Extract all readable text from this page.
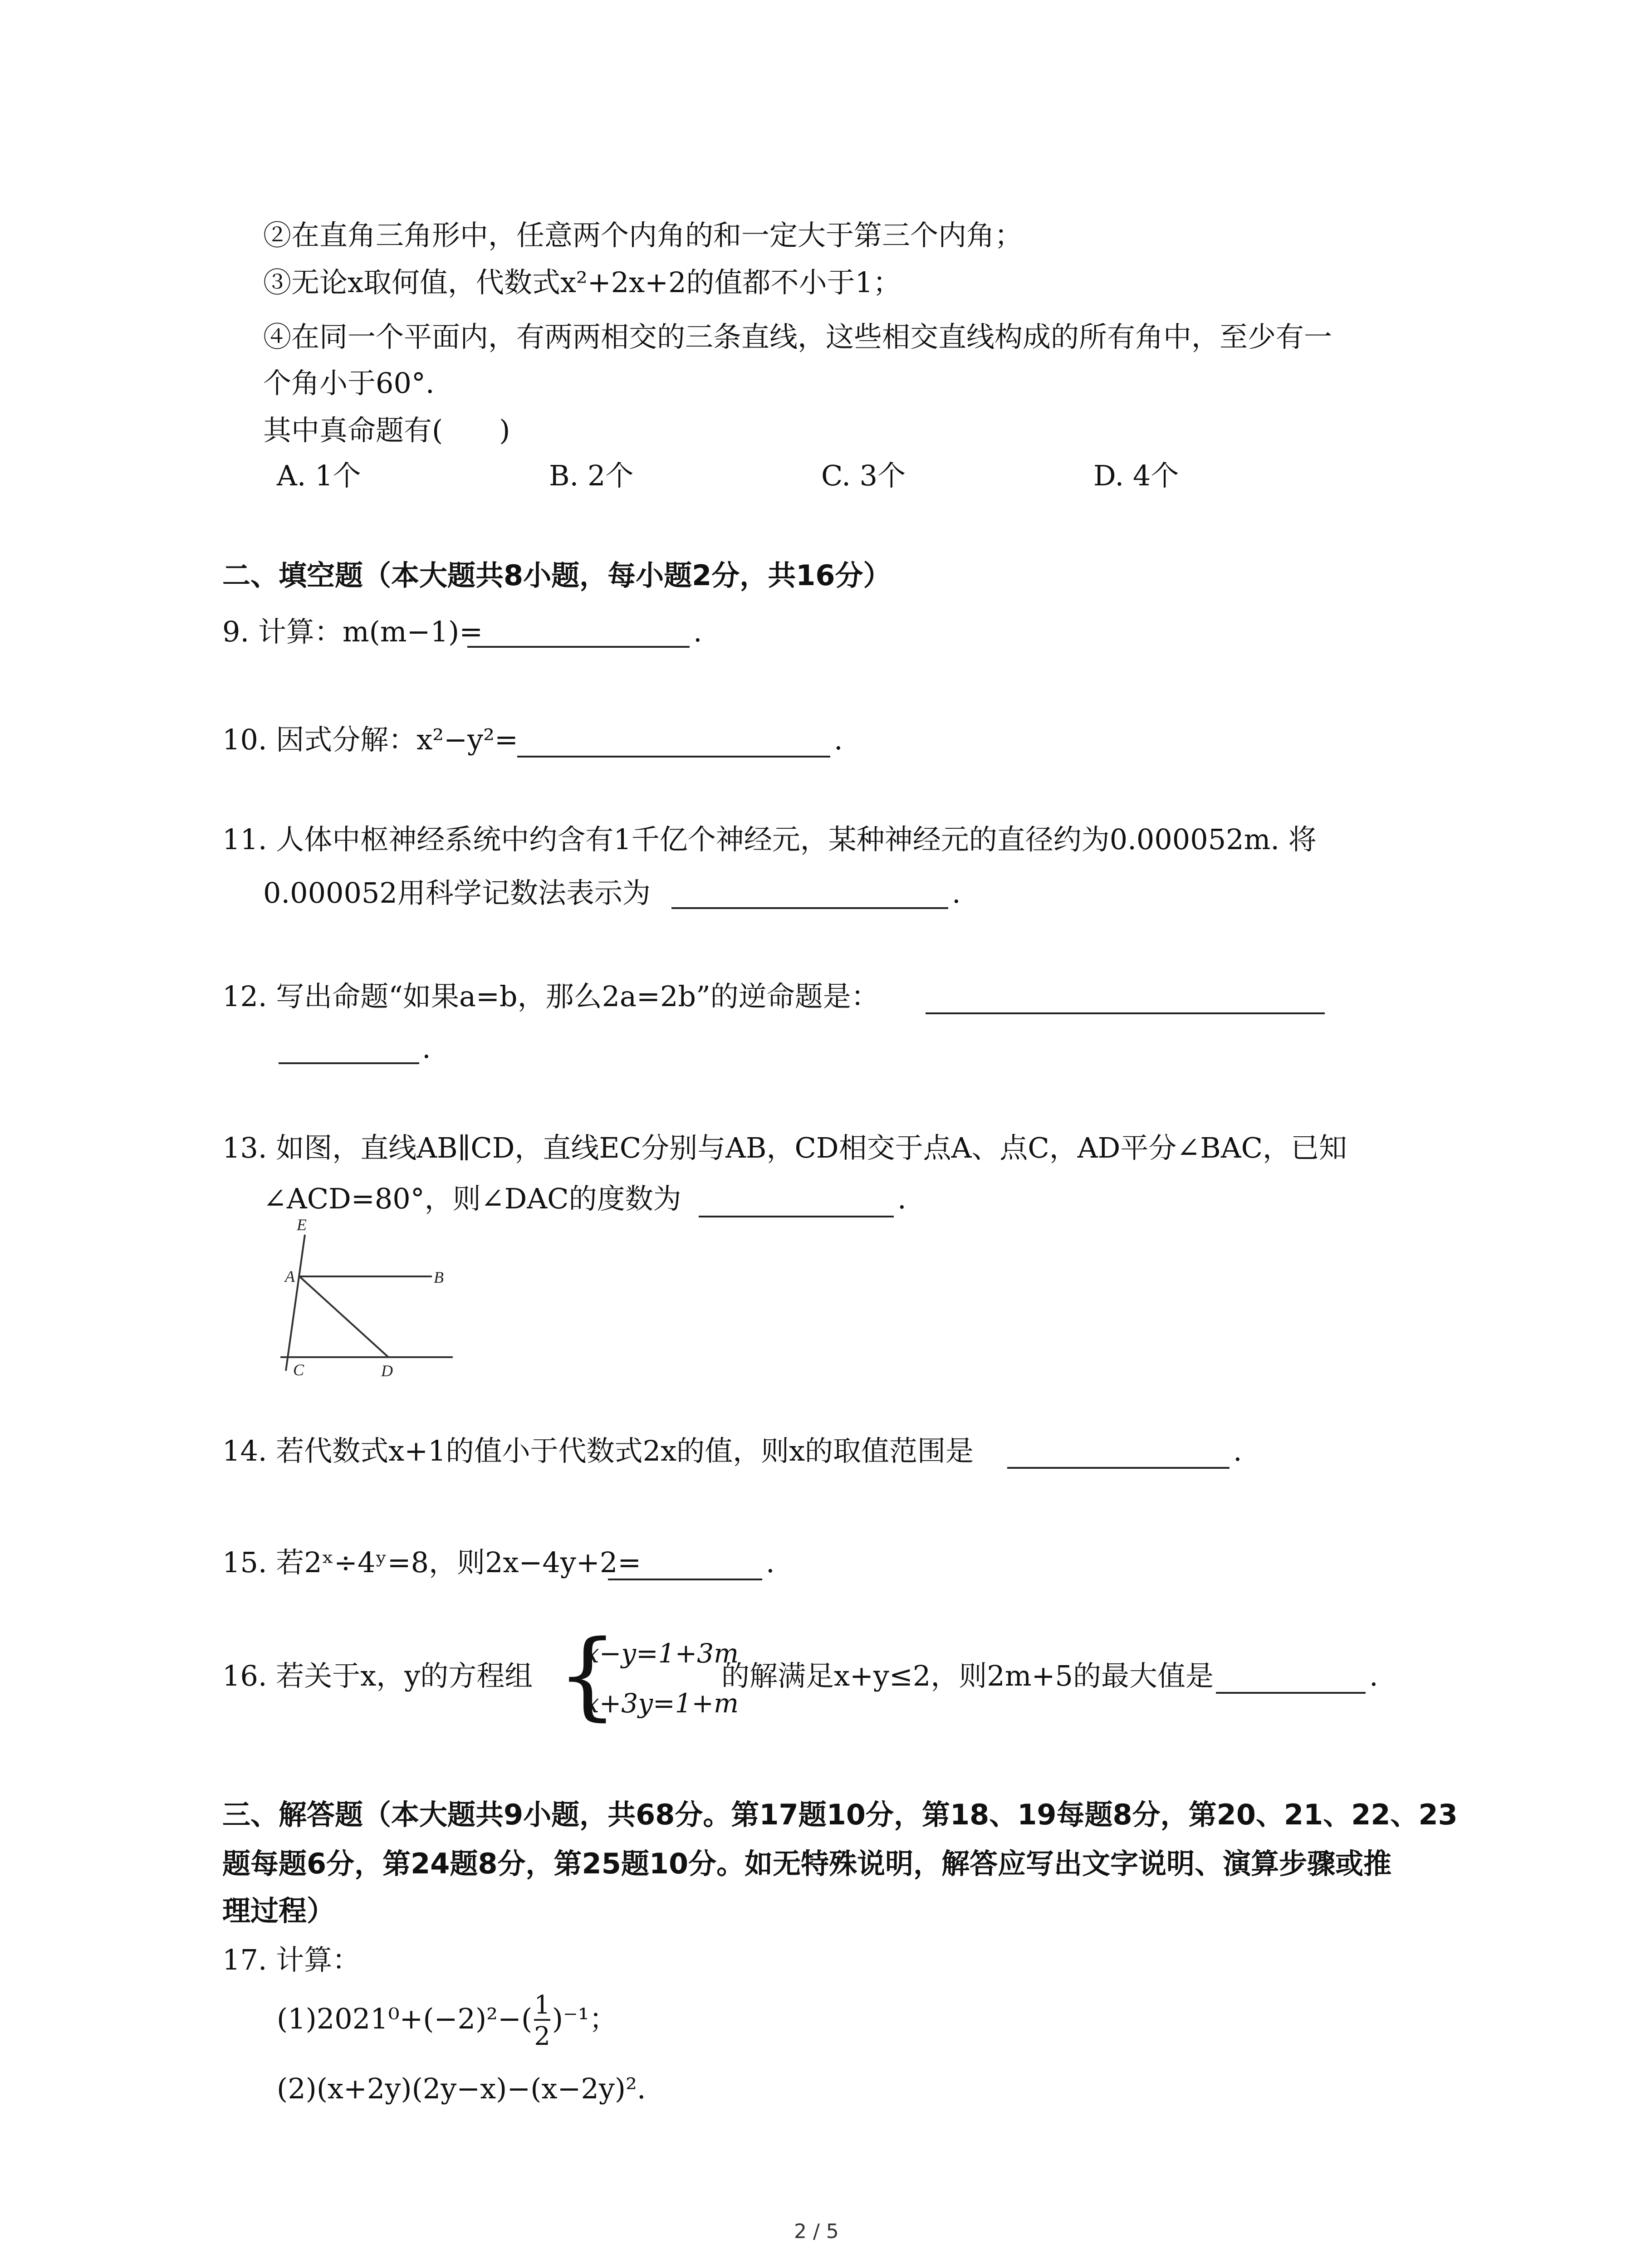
②在直角三角形中，任意两个内角的和一定大于第三个内角；
③无论x取何值，代数式x²+2x+2的值都不小于1；
④在同一个平面内，有两两相交的三条直线，这些相交直线构成的所有角中，至少有一
个角小于60°.
其中真命题有(　　)
A. 1个	B. 2个	C. 3个	D. 4个
二、填空题（本大题共8小题，每小题2分，共16分）
9. 计算：m(m−1)=	.
10. 因式分解：x²−y²=	.
11. 人体中枢神经系统中约含有1千亿个神经元，某种神经元的直径约为0.000052m. 将
0.000052用科学记数法表示为	.
12. 写出命题“如果a=b，那么2a=2b”的逆命题是：
.
13. 如图，直线AB∥CD，直线EC分别与AB，CD相交于点A、点C，AD平分∠BAC，已知
∠ACD=80°，则∠DAC的度数为	.
E
A	B
C	D
14. 若代数式x+1的值小于代数式2x的值，则x的取值范围是	.
15. 若2ˣ÷4ʸ=8，则2x−4y+2=	.
16. 若关于x，y的方程组 {
x−y=1+3m
x+3y=1+m
的解满足x+y≤2，则2m+5的最大值是	.
三、解答题（本大题共9小题，共68分。第17题10分，第18、19每题8分，第20、21、22、23
题每题6分，第24题8分，第25题10分。如无特殊说明，解答应写出文字说明、演算步骤或推
理过程）
17. 计算：
$(1)2021^0+(-2)^2-( \frac{1}{2} )^{-1}$；
(2)(x+2y)(2y−x)−(x−2y)².
2 / 5
